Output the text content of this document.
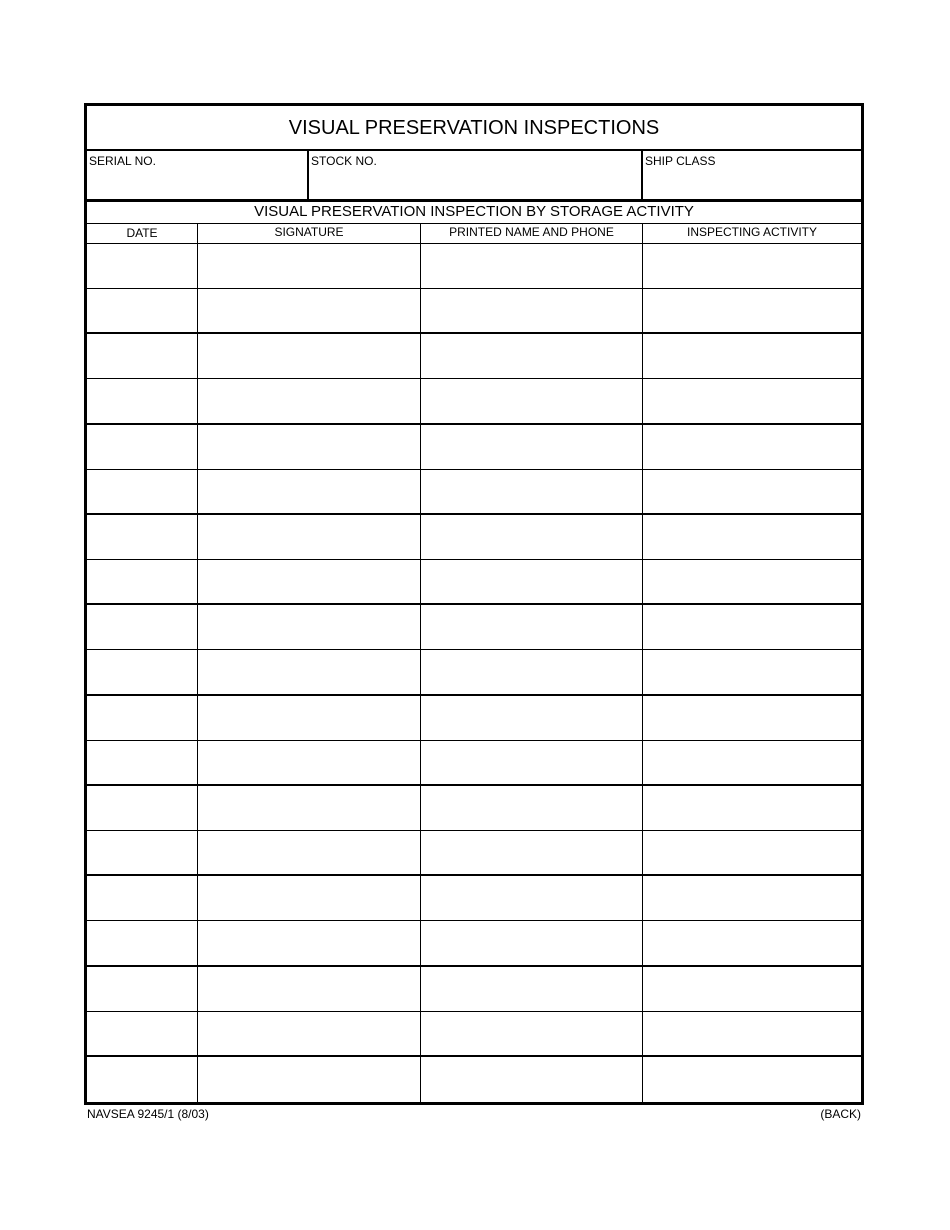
VISUAL PRESERVATION INSPECTIONS
SERIAL NO.	STOCK NO.	SHIP CLASS
VISUAL PRESERVATION INSPECTION BY STORAGE ACTIVITY
DATE	SIGNATURE	PRINTED NAME AND PHONE	INSPECTING ACTIVITY
NAVSEA 9245/1 (8/03)	(BACK)
